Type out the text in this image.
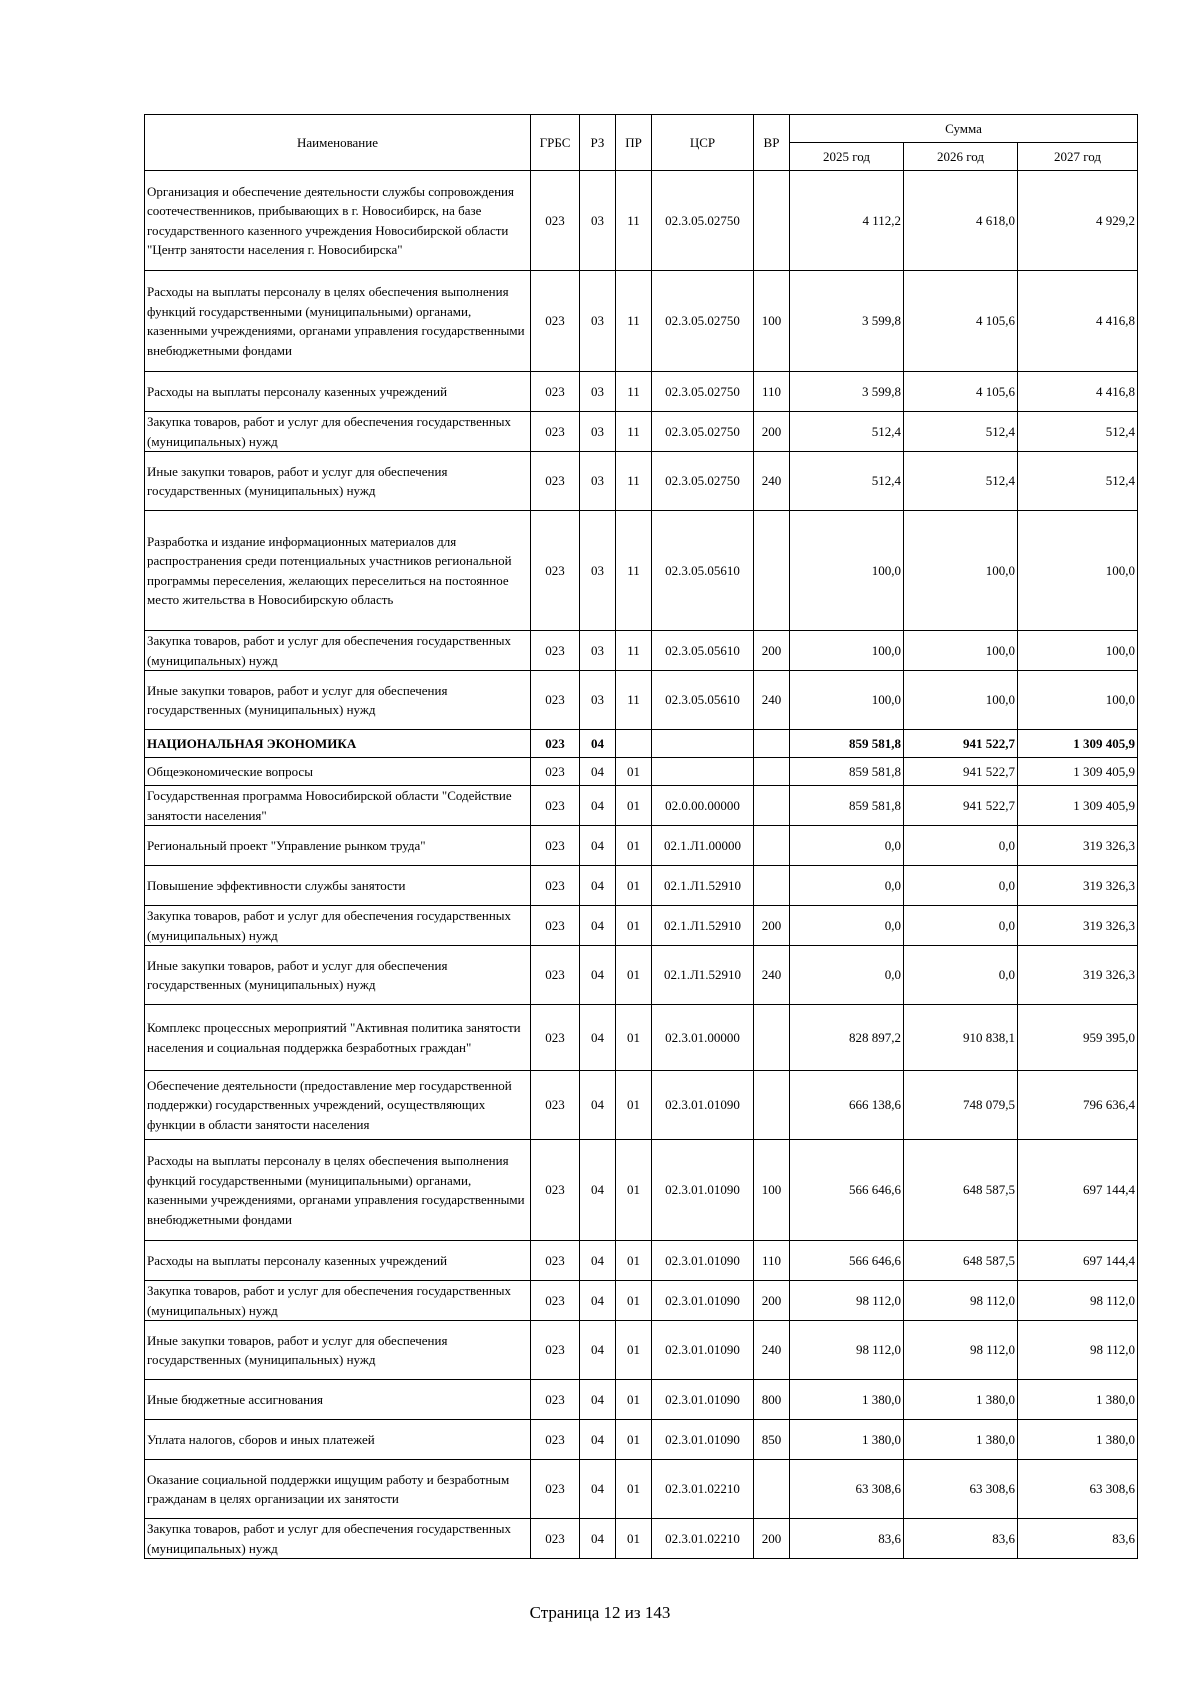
Наименование	ГРБС	РЗ	ПР	ЦСР	ВР	Сумма		
						2025 год	2026 год	2027 год
Организация и обеспечение деятельности службы сопровождения соотечественников, прибывающих в г. Новосибирск, на базе государственного казенного учреждения Новосибирской области "Центр занятости населения г. Новосибирска"	023	03	11	02.3.05.02750		4 112,2	4 618,0	4 929,2
Расходы на выплаты персоналу в целях обеспечения выполнения функций государственными (муниципальными) органами, казенными учреждениями, органами управления государственными внебюджетными фондами	023	03	11	02.3.05.02750	100	3 599,8	4 105,6	4 416,8
Расходы на выплаты персоналу казенных учреждений	023	03	11	02.3.05.02750	110	3 599,8	4 105,6	4 416,8
Закупка товаров, работ и услуг для обеспечения государственных (муниципальных) нужд	023	03	11	02.3.05.02750	200	512,4	512,4	512,4
Иные закупки товаров, работ и услуг для обеспечения государственных (муниципальных) нужд	023	03	11	02.3.05.02750	240	512,4	512,4	512,4
Разработка и издание информационных материалов для распространения среди потенциальных участников региональной программы переселения, желающих переселиться на постоянное место жительства в Новосибирскую область	023	03	11	02.3.05.05610		100,0	100,0	100,0
Закупка товаров, работ и услуг для обеспечения государственных (муниципальных) нужд	023	03	11	02.3.05.05610	200	100,0	100,0	100,0
Иные закупки товаров, работ и услуг для обеспечения государственных (муниципальных) нужд	023	03	11	02.3.05.05610	240	100,0	100,0	100,0
НАЦИОНАЛЬНАЯ ЭКОНОМИКА	023	04				859 581,8	941 522,7	1 309 405,9
Общеэкономические вопросы	023	04	01			859 581,8	941 522,7	1 309 405,9
Государственная программа Новосибирской области "Содействие занятости населения"	023	04	01	02.0.00.00000		859 581,8	941 522,7	1 309 405,9
Региональный проект "Управление рынком труда"	023	04	01	02.1.Л1.00000		0,0	0,0	319 326,3
Повышение эффективности службы занятости	023	04	01	02.1.Л1.52910		0,0	0,0	319 326,3
Закупка товаров, работ и услуг для обеспечения государственных (муниципальных) нужд	023	04	01	02.1.Л1.52910	200	0,0	0,0	319 326,3
Иные закупки товаров, работ и услуг для обеспечения государственных (муниципальных) нужд	023	04	01	02.1.Л1.52910	240	0,0	0,0	319 326,3
Комплекс процессных мероприятий "Активная политика занятости населения и социальная поддержка безработных граждан"	023	04	01	02.3.01.00000		828 897,2	910 838,1	959 395,0
Обеспечение деятельности (предоставление мер государственной поддержки) государственных учреждений, осуществляющих функции в области занятости населения	023	04	01	02.3.01.01090		666 138,6	748 079,5	796 636,4
Расходы на выплаты персоналу в целях обеспечения выполнения функций государственными (муниципальными) органами, казенными учреждениями, органами управления государственными внебюджетными фондами	023	04	01	02.3.01.01090	100	566 646,6	648 587,5	697 144,4
Расходы на выплаты персоналу казенных учреждений	023	04	01	02.3.01.01090	110	566 646,6	648 587,5	697 144,4
Закупка товаров, работ и услуг для обеспечения государственных (муниципальных) нужд	023	04	01	02.3.01.01090	200	98 112,0	98 112,0	98 112,0
Иные закупки товаров, работ и услуг для обеспечения государственных (муниципальных) нужд	023	04	01	02.3.01.01090	240	98 112,0	98 112,0	98 112,0
Иные бюджетные ассигнования	023	04	01	02.3.01.01090	800	1 380,0	1 380,0	1 380,0
Уплата налогов, сборов и иных платежей	023	04	01	02.3.01.01090	850	1 380,0	1 380,0	1 380,0
Оказание социальной поддержки ищущим работу и безработным гражданам в целях организации их занятости	023	04	01	02.3.01.02210		63 308,6	63 308,6	63 308,6
Закупка товаров, работ и услуг для обеспечения государственных (муниципальных) нужд	023	04	01	02.3.01.02210	200	83,6	83,6	83,6
Страница 12 из 143
